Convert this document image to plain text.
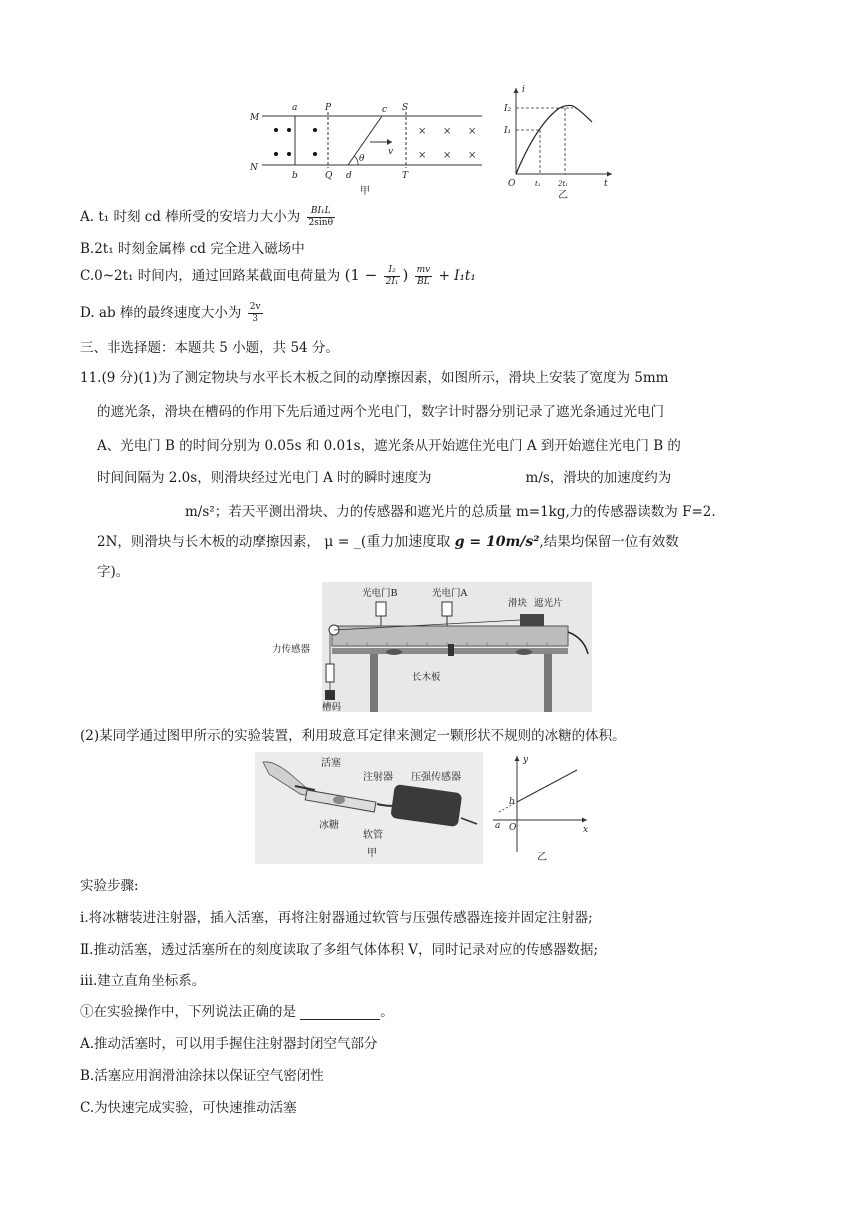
× × ×
× × ×
M
N
a
b
P
Q
c
d
S
T
v
θ
甲
i
I₂
I₁
O	t₁ 2t₁	t
乙
A. t₁ 时刻 cd 棒所受的安培力大小为 $\frac{\text{BI₁L}}{2\sin\theta}$
B.2t₁ 时刻金属棒 cd 完全进入磁场中
C.0~2t₁ 时间内，通过回路某截面电荷量为 ($1 - \frac{\text{I₂}}{\text{2I₁}}$ ) $\frac{mv}{BL} + I_1t_1$
D. ab 棒的最终速度大小为 $\frac{2v}{3}$
三、非选择题：本题共 5 小题，共 54 分。
11.(9 分)(1)为了测定物块与水平长木板之间的动摩擦因素，如图所示，滑块上安装了宽度为 5mm
的遮光条，滑块在槽码的作用下先后通过两个光电门，数字计时器分别记录了遮光条通过光电门
A、光电门 B 的时间分别为 0.05s 和 0.01s，遮光条从开始遮住光电门 A 到开始遮住光电门 B 的
时间间隔为 2.0s，则滑块经过光电门 A 时的瞬时速度为	m/s，滑块的加速度约为
m/s²；若天平测出滑块、力的传感器和遮光片的总质量 m=1kg,力的传感器读数为 F=2.
2N，则滑块与长木板的动摩擦因素， μ = _(重力加速度取 g = 10m/s²,结果均保留一位有效数
字)。
光电门B	光电门A
滑块 遮光片
力传感器
长木板
槽码
(2)某同学通过图甲所示的实验装置，利用玻意耳定律来测定一颗形状不规则的冰糖的体积。
活塞
注射器 压强传感器
冰糖
软管
甲
y
x
b
a O
乙
实验步骤:
i.将冰糖装进注射器，插入活塞，再将注射器通过软管与压强传感器连接并固定注射器;
Ⅱ.推动活塞，透过活塞所在的刻度读取了多组气体体积 V，同时记录对应的传感器数据;
iii.建立直角坐标系。
①在实验操作中，下列说法正确的是	。
A.推动活塞时，可以用手握住注射器封闭空气部分
B.活塞应用润滑油涂抹以保证空气密闭性
C.为快速完成实验，可快速推动活塞
